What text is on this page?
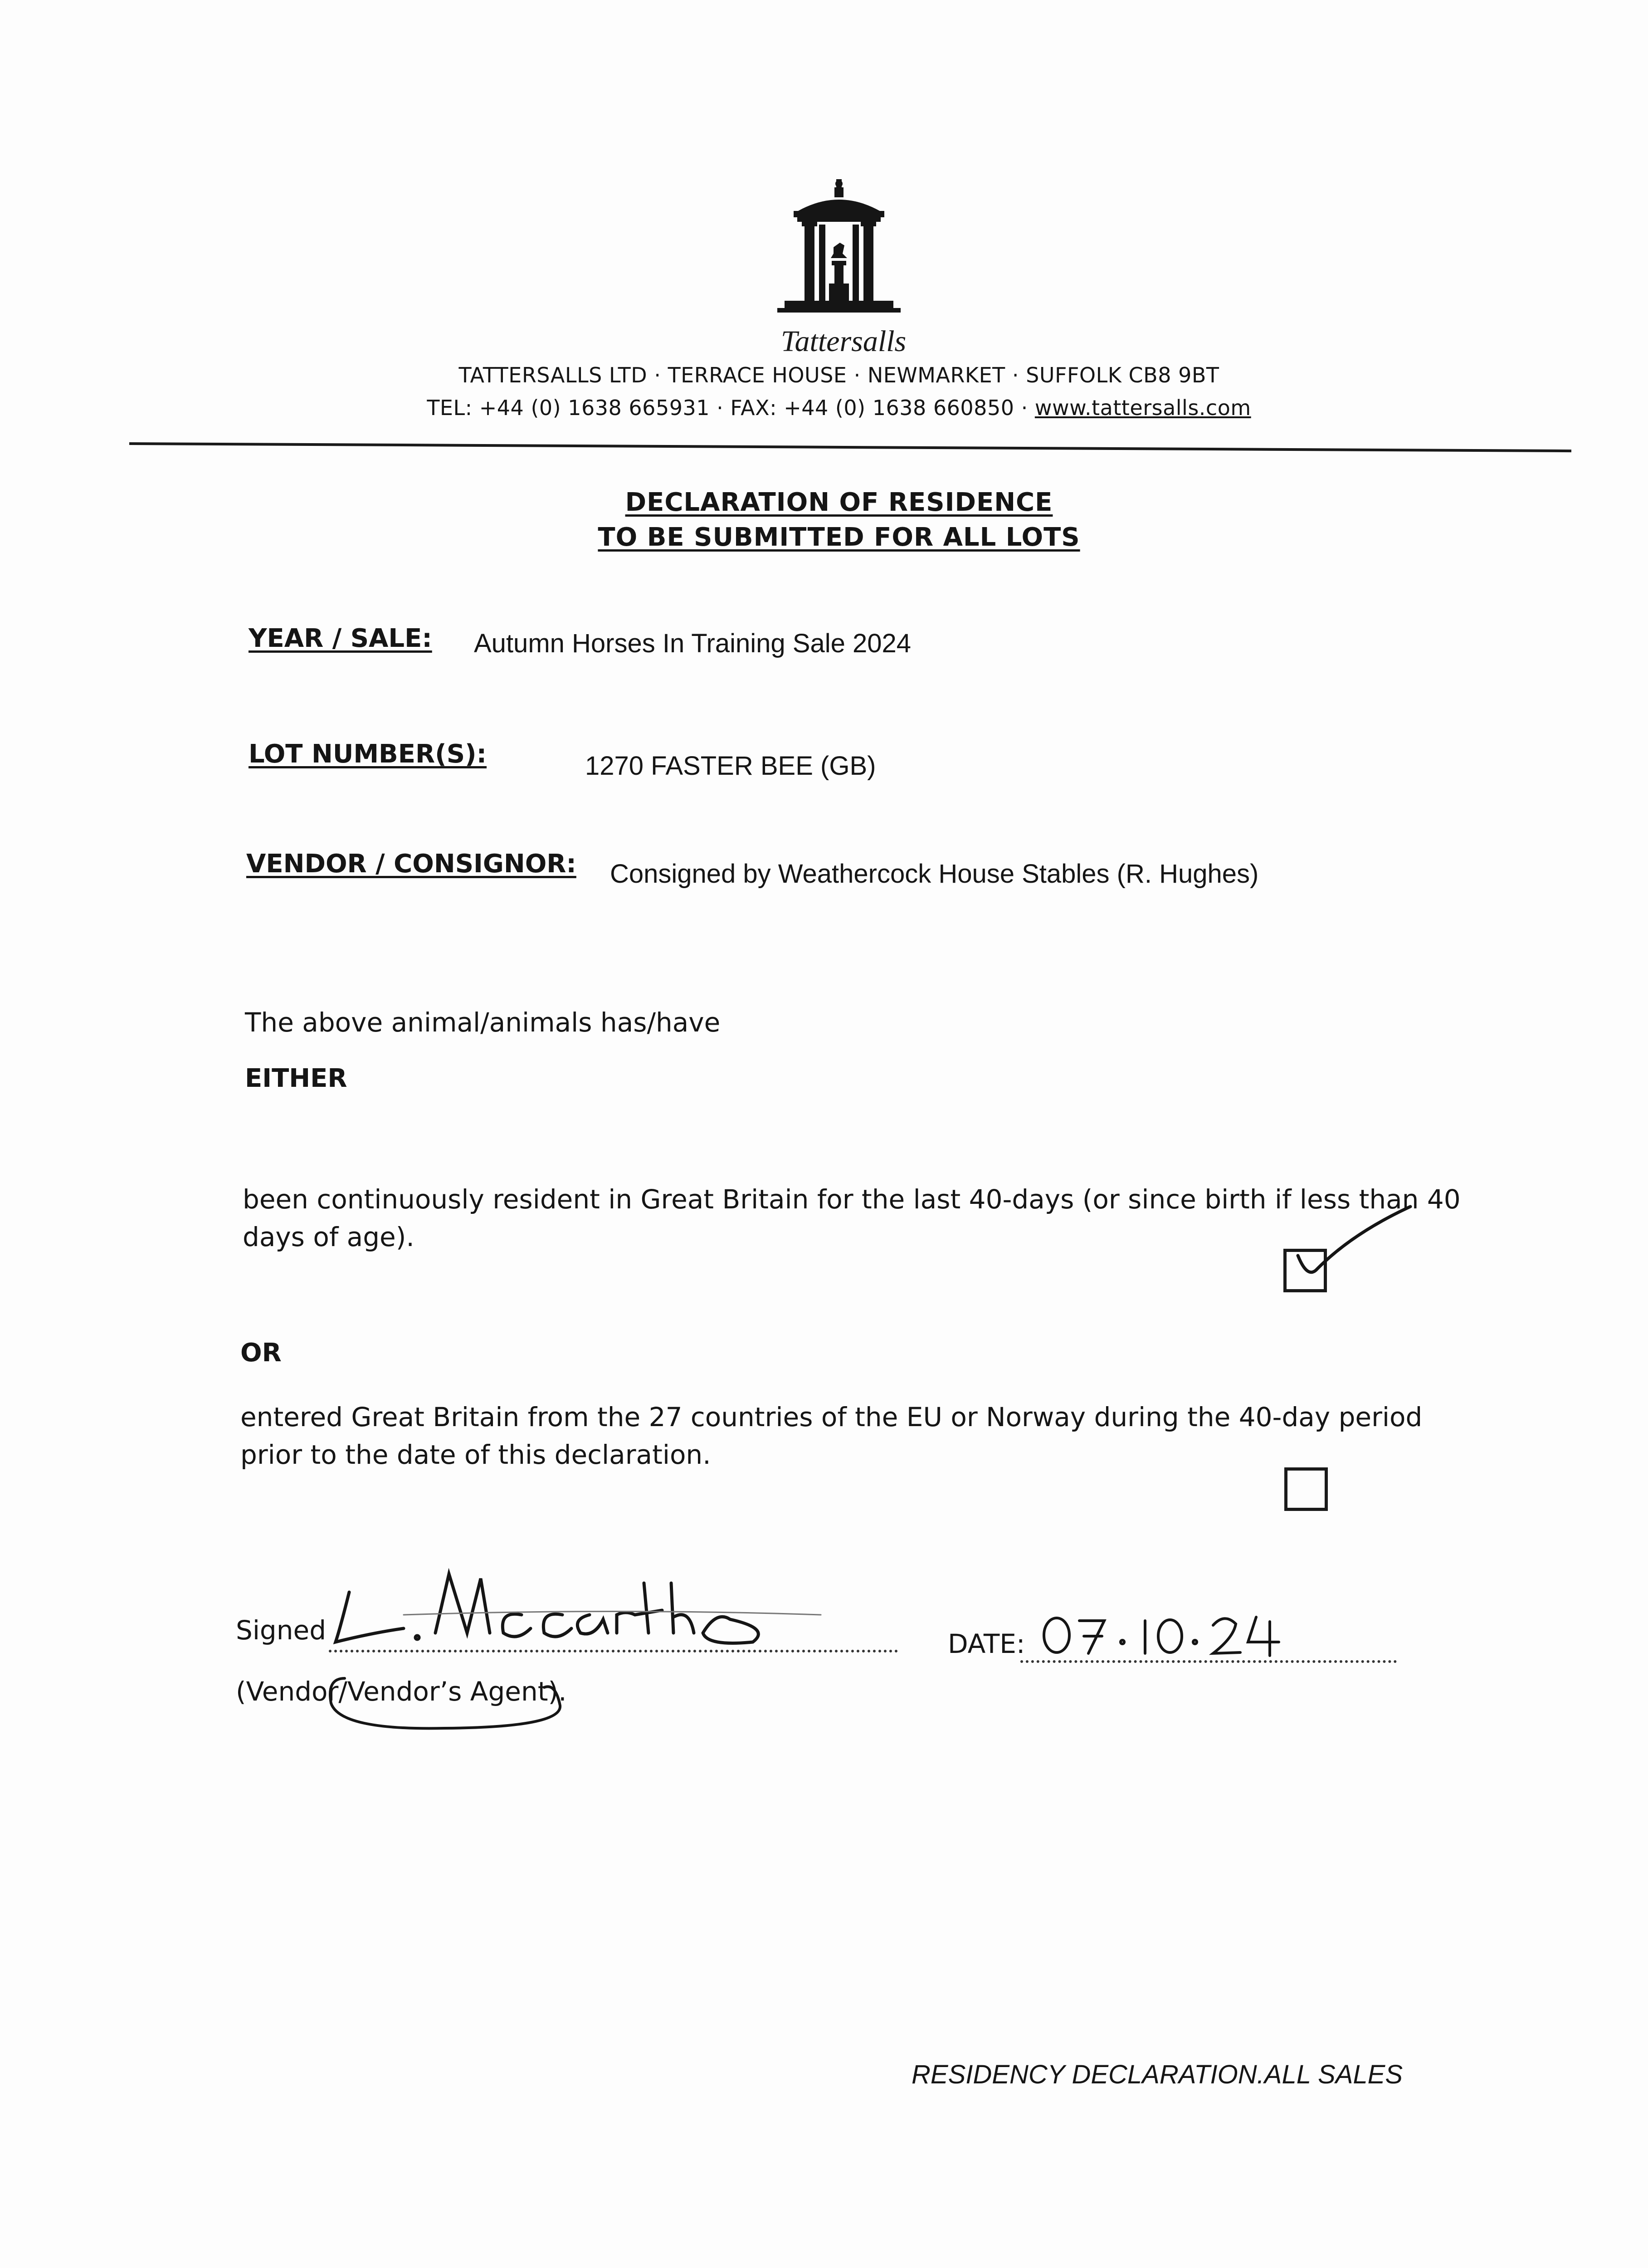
Tattersalls
TATTERSALLS LTD · TERRACE HOUSE · NEWMARKET · SUFFOLK CB8 9BT
TEL: +44 (0) 1638 665931 · FAX: +44 (0) 1638 660850 · www.tattersalls.com
DECLARATION OF RESIDENCE
TO BE SUBMITTED FOR ALL LOTS
YEAR / SALE: Autumn Horses In Training Sale 2024
LOT NUMBER(S):	1270 FASTER BEE (GB)
VENDOR / CONSIGNOR: Consigned by Weathercock House Stables (R. Hughes)
The above animal/animals has/have
EITHER
been continuously resident in Great Britain for the last 40-days (or since birth if less than 40
days of age).
OR
entered Great Britain from the 27 countries of the EU or Norway during the 40-day period
prior to the date of this declaration.
Signed	DATE:
(Vendor/Vendor’s Agent).
RESIDENCY DECLARATION.ALL SALES
